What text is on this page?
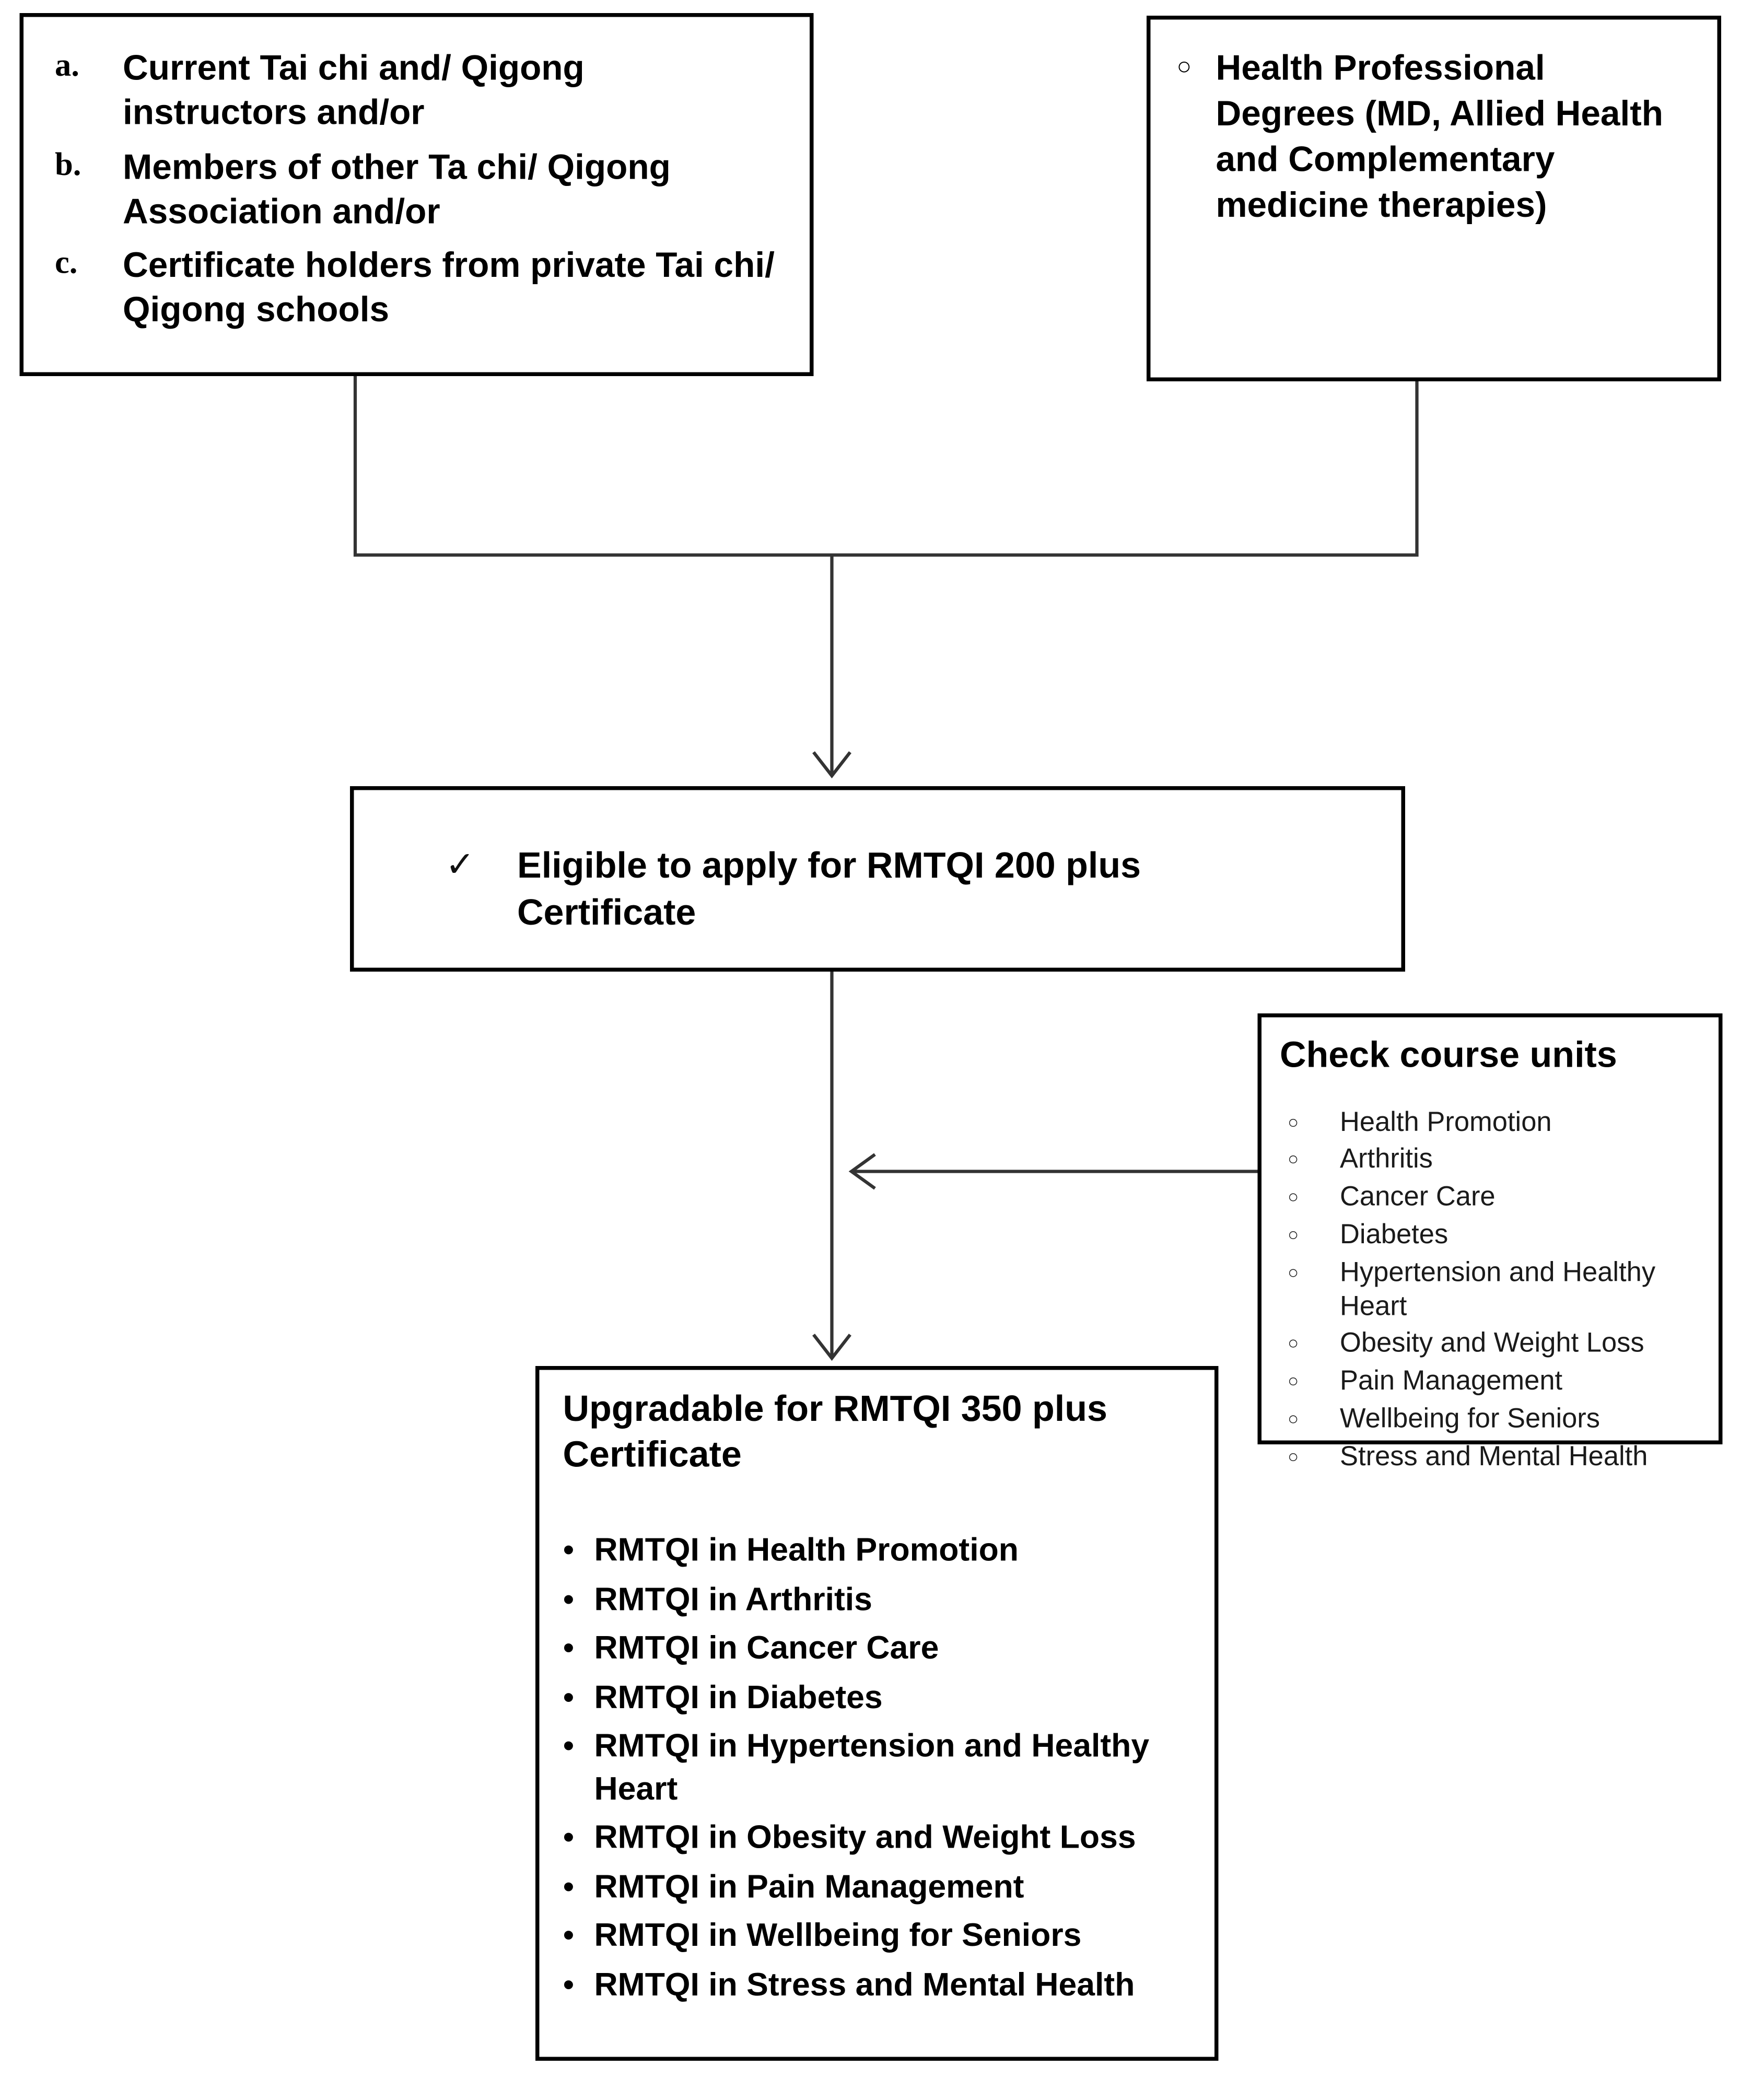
a.	Current Tai chi and/ Qigong instructors and/or
b.	Members of other Ta chi/ Qigong Association and/or
c.	Certificate holders from private Tai chi/ Qigong schools
○	Health Professional Degrees (MD, Allied Health and Complementary medicine therapies)
✓	Eligible to apply for RMTQI 200 plus Certificate
Check course units
○	Health Promotion
○	Arthritis
○	Cancer Care
○	Diabetes
○	Hypertension and Healthy Heart
○	Obesity and Weight Loss
○	Pain Management
○	Wellbeing for Seniors
○	Stress and Mental Health
Upgradable for RMTQI 350 plus Certificate
•	RMTQI in Health Promotion
•	RMTQI in Arthritis
•	RMTQI in Cancer Care
•	RMTQI in Diabetes
•	RMTQI in Hypertension and Healthy Heart
•	RMTQI in Obesity and Weight Loss
•	RMTQI in Pain Management
•	RMTQI in Wellbeing for Seniors
•	RMTQI in Stress and Mental Health
